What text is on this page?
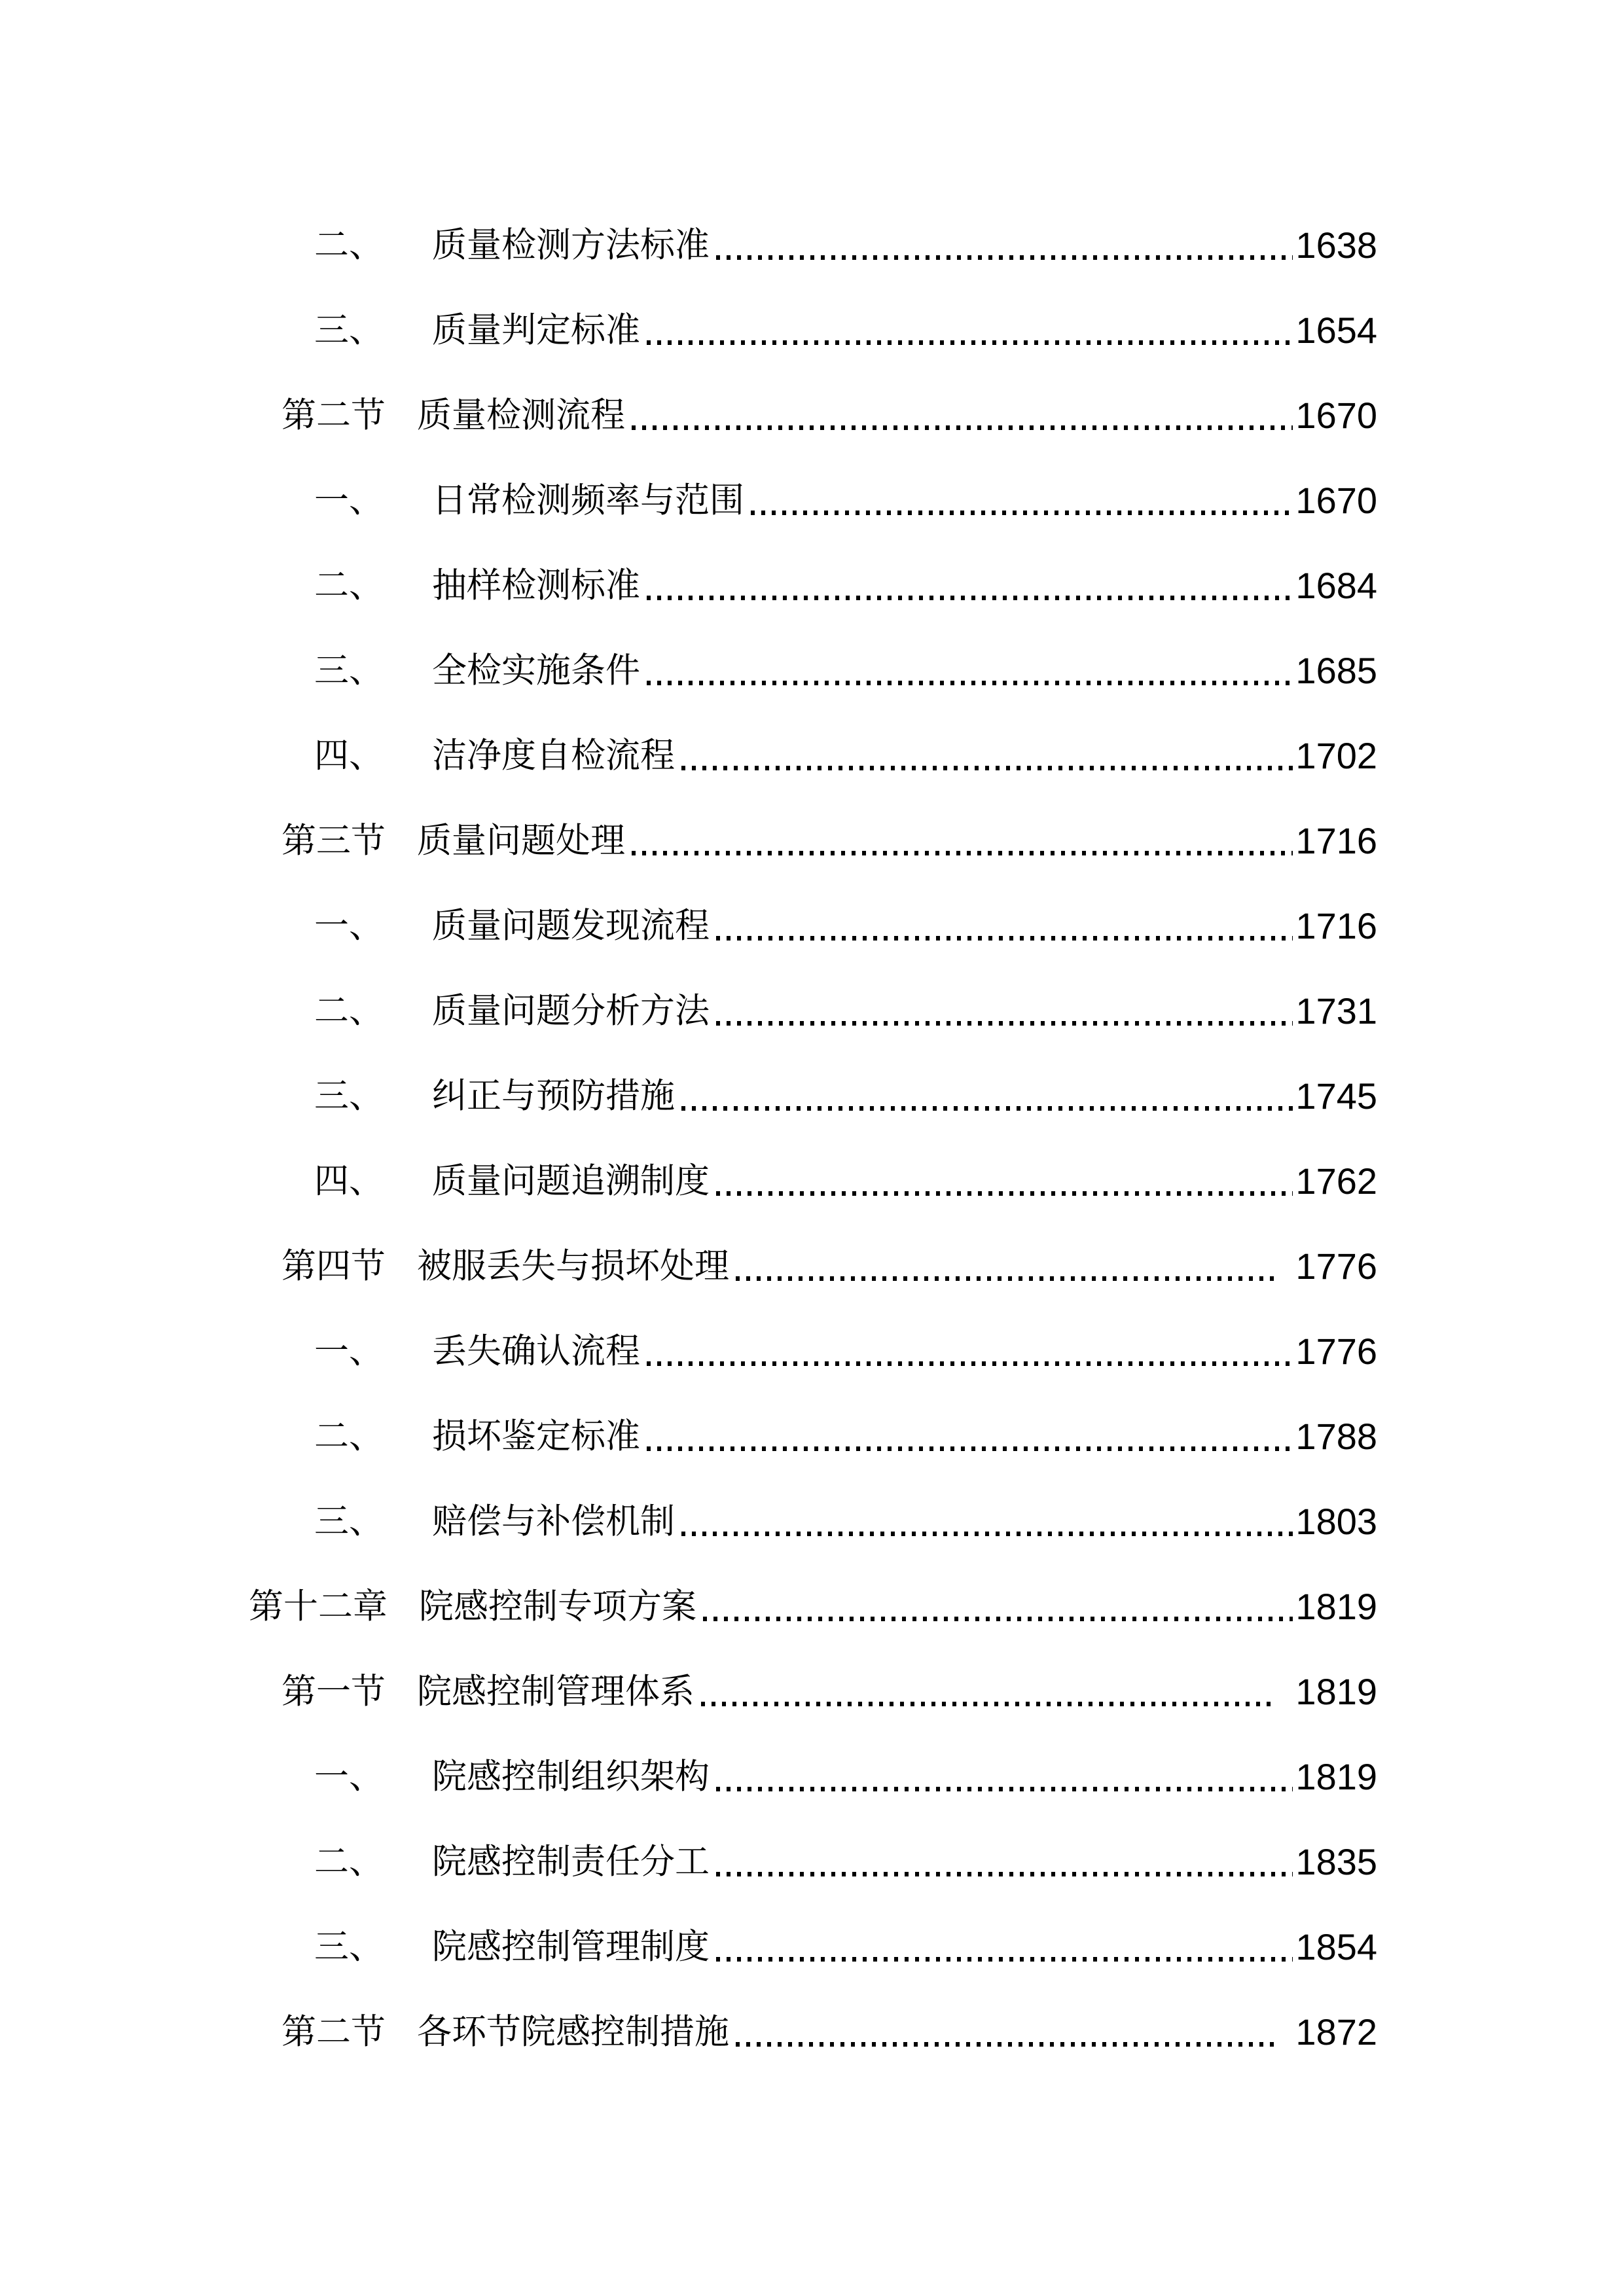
二、 质量检测方法标准	1638
三、 质量判定标准	1654
第二节 质量检测流程	1670
一、 日常检测频率与范围	1670
二、 抽样检测标准	1684
三、 全检实施条件	1685
四、 洁净度自检流程	1702
第三节 质量问题处理	1716
一、 质量问题发现流程	1716
二、 质量问题分析方法	1731
三、 纠正与预防措施	1745
四、 质量问题追溯制度	1762
第四节 被服丢失与损坏处理	1776
一、 丢失确认流程	1776
二、 损坏鉴定标准	1788
三、 赔偿与补偿机制	1803
第十二章 院感控制专项方案	1819
第一节 院感控制管理体系	1819
一、 院感控制组织架构	1819
二、 院感控制责任分工	1835
三、 院感控制管理制度	1854
第二节 各环节院感控制措施	1872
